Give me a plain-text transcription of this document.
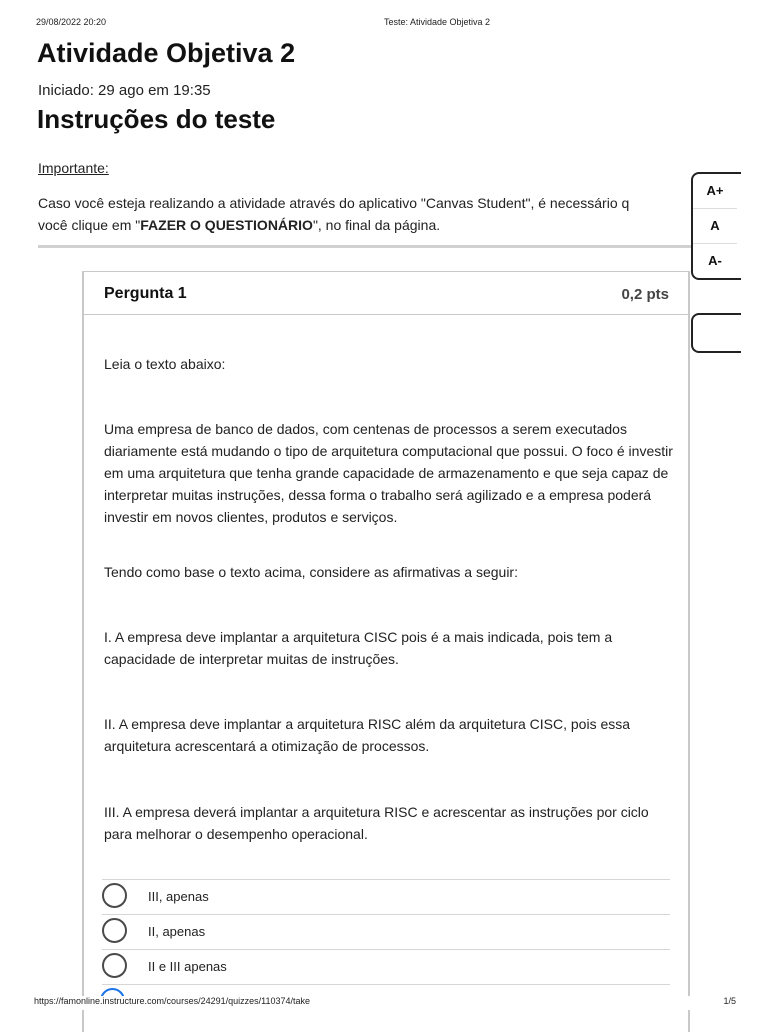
29/08/2022 20:20	Teste: Atividade Objetiva 2
Atividade Objetiva 2
Iniciado: 29 ago em 19:35
Instruções do teste
Importante:
Caso você esteja realizando a atividade através do aplicativo "Canvas Student", é necessário q
você clique em "FAZER O QUESTIONÁRIO", no final da página.
A+
A
A-
Pergunta 1	0,2 pts

Leia o texto abaixo:

Uma empresa de banco de dados, com centenas de processos a serem executados diariamente está mudando o tipo de arquitetura computacional que possui. O foco é investir em uma arquitetura que tenha grande capacidade de armazenamento e que seja capaz de interpretar muitas instruções, dessa forma o trabalho será agilizado e a empresa poderá investir em novos clientes, produtos e serviços.

Tendo como base o texto acima, considere as afirmativas a seguir:

I. A empresa deve implantar a arquitetura CISC pois é a mais indicada, pois tem a capacidade de interpretar muitas de instruções.

II. A empresa deve implantar a arquitetura RISC além da arquitetura CISC, pois essa arquitetura acrescentará a otimização de processos.

III. A empresa deverá implantar a arquitetura RISC e acrescentar as instruções por ciclo para melhorar o desempenho operacional.

III, apenas
II, apenas
II e III apenas
https://famonline.instructure.com/courses/24291/quizzes/110374/take	1/5
